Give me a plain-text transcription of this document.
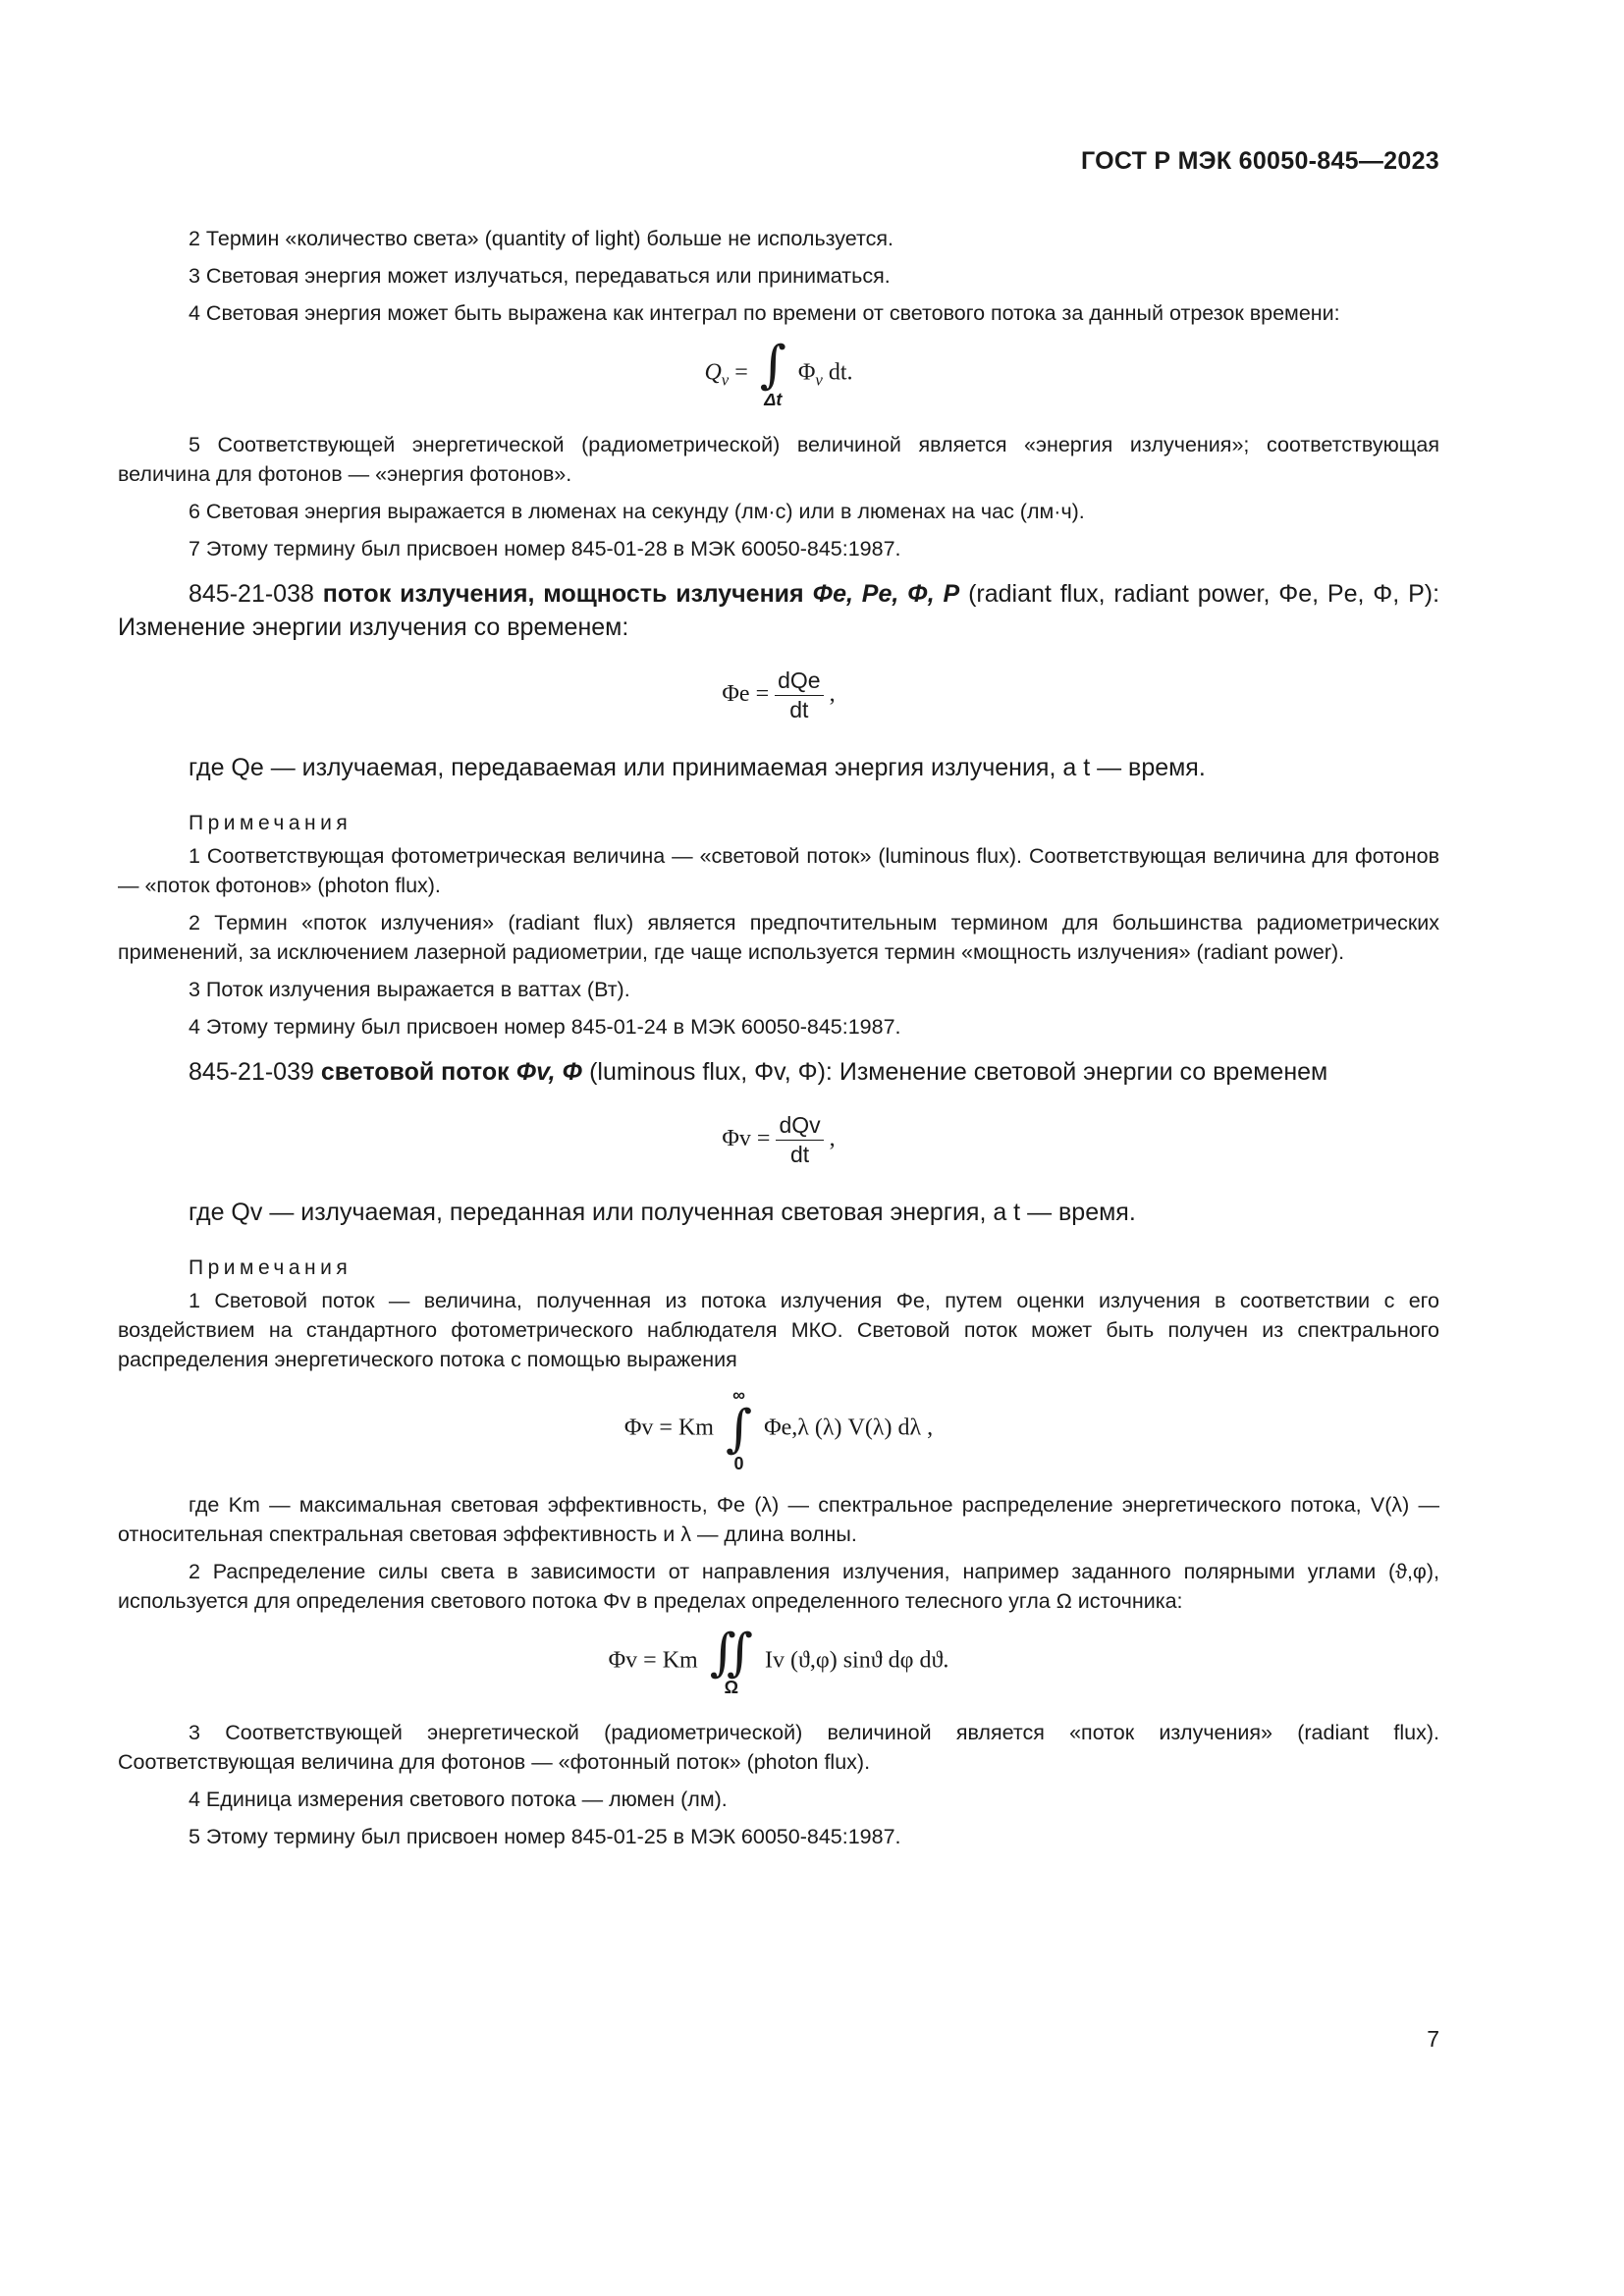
ГОСТ Р МЭК 60050-845—2023

2 Термин «количество света» (quantity of light) больше не используется.

3 Световая энергия может излучаться, передаваться или приниматься.

4 Световая энергия может быть выражена как интеграл по времени от светового потока за данный отрезок времени:

$Q_v$ = ∫
Δt
$\Phi_v$ dt.

5 Соответствующей энергетической (радиометрической) величиной является «энергия излучения»; соответствующая величина для фотонов — «энергия фотонов».

6 Световая энергия выражается в люменах на секунду (лм·с) или в люменах на час (лм·ч).

7 Этому термину был присвоен номер 845-01-28 в МЭК 60050-845:1987.

845-21-038 поток излучения, мощность излучения Φe, Pe, Φ, P (radiant flux, radiant power, Φe, Pe, Φ, P): Изменение энергии излучения со временем:

$\Phi e = \frac{\text{dQe}}{dt}$ ,

где Qe — излучаемая, передаваемая или принимаемая энергия излучения, а t — время.

Примечания

1 Соответствующая фотометрическая величина — «световой поток» (luminous flux). Соответствующая величина для фотонов — «поток фотонов» (photon flux).

2 Термин «поток излучения» (radiant flux) является предпочтительным термином для большинства радиометрических применений, за исключением лазерной радиометрии, где чаще используется термин «мощность излучения» (radiant power).

3 Поток излучения выражается в ваттах (Вт).

4 Этому термину был присвоен номер 845-01-24 в МЭК 60050-845:1987.

845-21-039 световой поток Φv, Φ (luminous flux, Φv, Φ): Изменение световой энергии со временем

$\Phi v = \frac{\text{dQv}}{dt}$ ,

где Qv — излучаемая, переданная или полученная световая энергия, а t — время.

Примечания

1 Световой поток — величина, полученная из потока излучения Φe, путем оценки излучения в соответствии с его воздействием на стандартного фотометрического наблюдателя МКО. Световой поток может быть получен из спектрального распределения энергетического потока с помощью выражения

Φv = Km
∞
∫
0
Φe,λ (λ) V(λ) dλ ,

где Km — максимальная световая эффективность, Φe (λ) — спектральное распределение энергетического потока, V(λ) — относительная спектральная световая эффективность и λ — длина волны.

2 Распределение силы света в зависимости от направления излучения, например заданного полярными углами (ϑ,φ), используется для определения светового потока Φv в пределах определенного телесного угла Ω источника:

Φv = Km ∬
Ω
Iv (ϑ,φ) sinϑ dφ dϑ.

3 Соответствующей энергетической (радиометрической) величиной является «поток излучения» (radiant flux). Соответствующая величина для фотонов — «фотонный поток» (photon flux).

4 Единица измерения светового потока — люмен (лм).

5 Этому термину был присвоен номер 845-01-25 в МЭК 60050-845:1987.

7
